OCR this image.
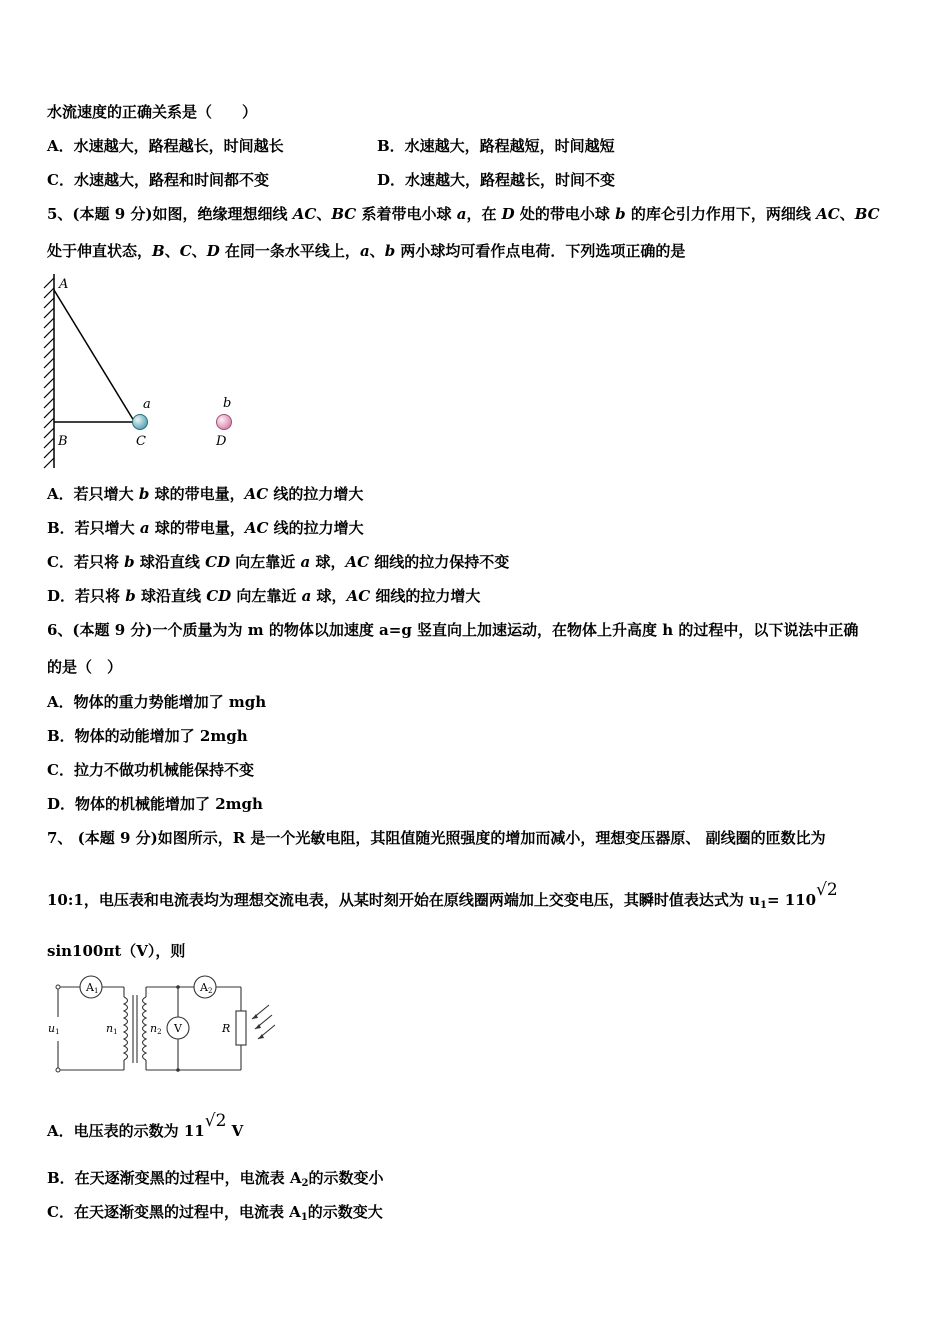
水流速度的正确关系是（　　）
A．水速越大，路程越长，时间越长	B．水速越大，路程越短，时间越短
C．水速越大，路程和时间都不变	D．水速越大，路程越长，时间不变
5、(本题 9 分)如图，绝缘理想细线 AC、BC 系着带电小球 a，在 D 处的带电小球 b 的库仑引力作用下，两细线 AC、BC
处于伸直状态，B、C、D 在同一条水平线上，a、b 两小球均可看作点电荷．下列选项正确的是
A
B	C	D
a	b
A．若只增大 b 球的带电量，AC 线的拉力增大
B．若只增大 a 球的带电量，AC 线的拉力增大
C．若只将 b 球沿直线 CD 向左靠近 a 球，AC 细线的拉力保持不变
D．若只将 b 球沿直线 CD 向左靠近 a 球，AC 细线的拉力增大
6、(本题 9 分)一个质量为为 m 的物体以加速度 a=g 竖直向上加速运动，在物体上升高度 h 的过程中，以下说法中正确
的是（　）
A．物体的重力势能增加了 mgh
B．物体的动能增加了 2mgh
C．拉力不做功机械能保持不变
D．物体的机械能增加了 2mgh
7、 (本题 9 分)如图所示，R 是一个光敏电阻，其阻值随光照强度的增加而减小，理想变压器原、 副线圈的匝数比为
10:1，电压表和电流表均为理想交流电表，从某时刻开始在原线圈两端加上交变电压，其瞬时值表达式为 $u_1= 110√2$
sin100πt（V），则
A1	A2
V	R
u1	n1	n2
A．电压表的示数为 11√2 V
B．在天逐渐变黑的过程中，电流表 $A_2$的示数变小
C．在天逐渐变黑的过程中，电流表 $A_1$的示数变大
